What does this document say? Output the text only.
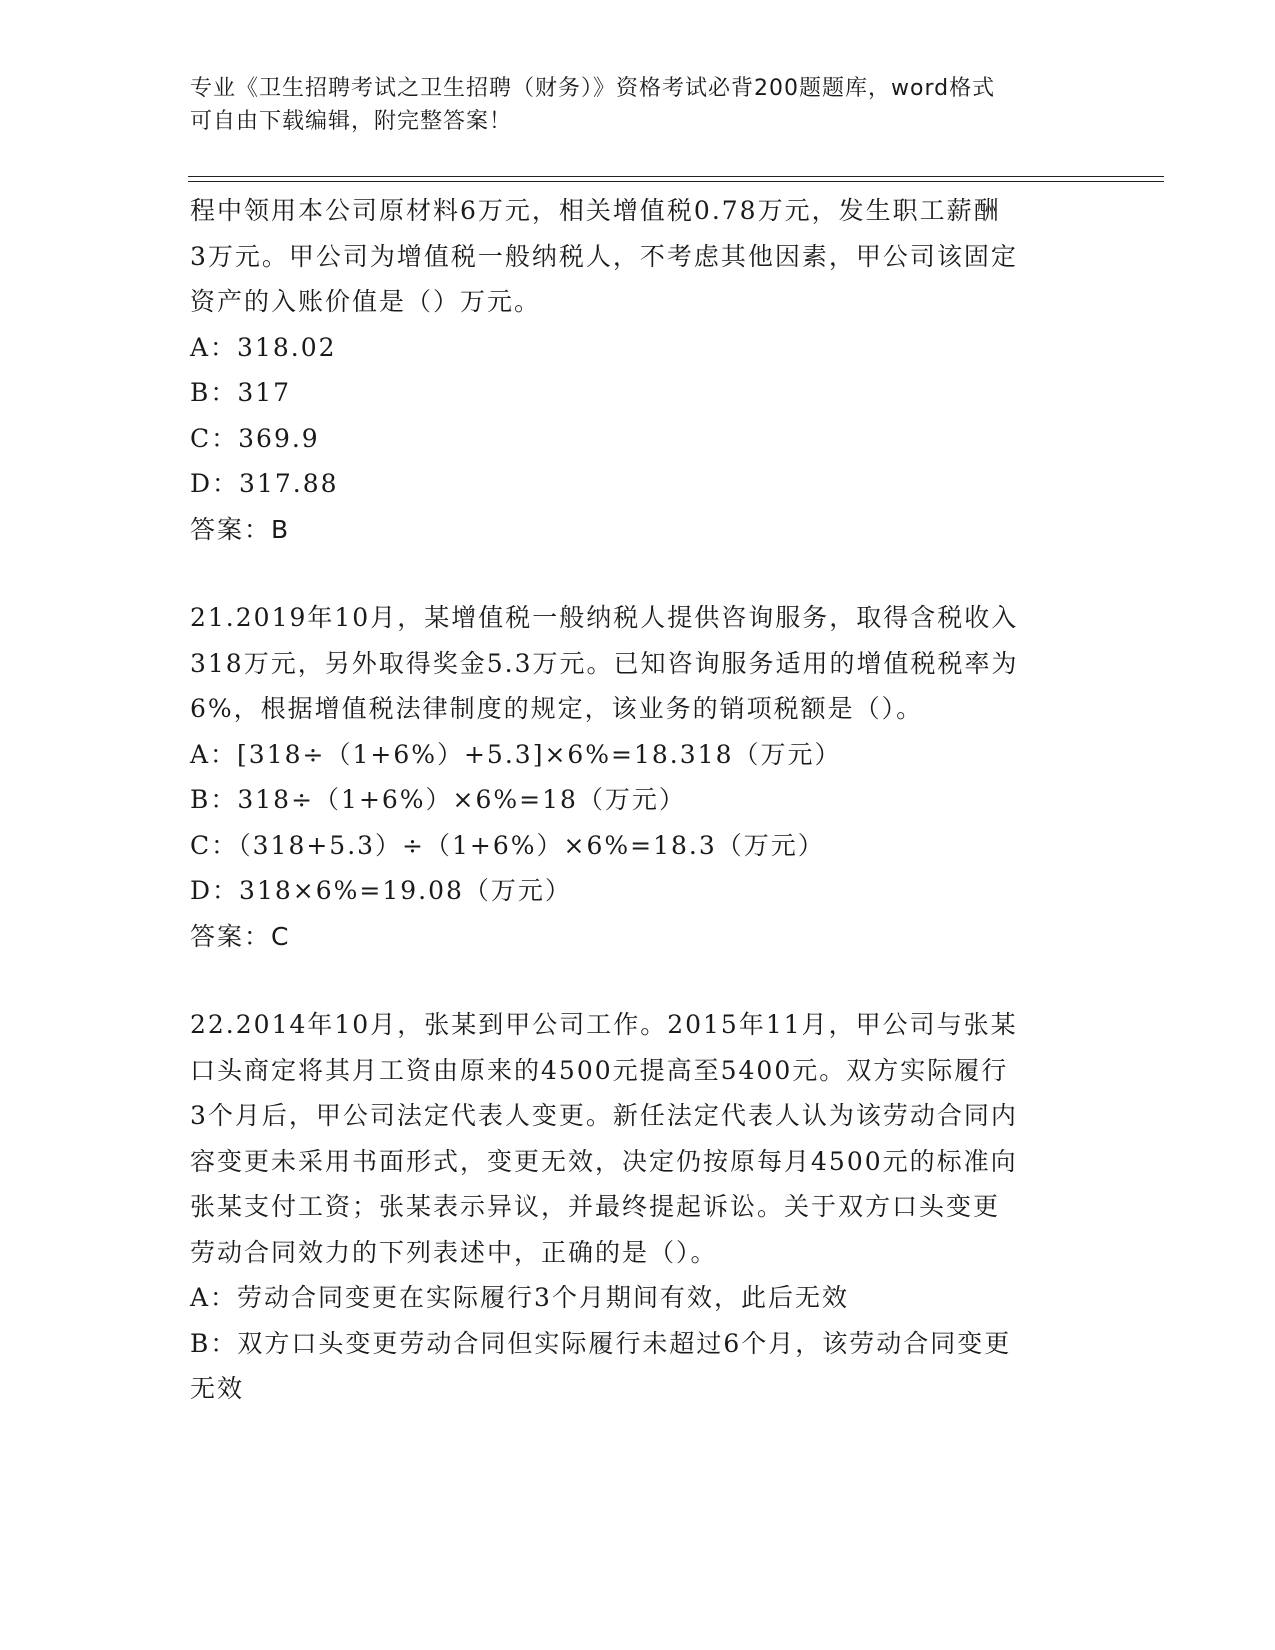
专业《卫生招聘考试之卫生招聘（财务）》资格考试必背200题题库，word格式
可自由下载编辑，附完整答案！
程中领用本公司原材料6万元，相关增值税0.78万元，发生职工薪酬
3万元。甲公司为增值税一般纳税人，不考虑其他因素，甲公司该固定
资产的入账价值是（）万元。
A：318.02
B：317
C：369.9
D：317.88
答案：B
21.2019年10月，某增值税一般纳税人提供咨询服务，取得含税收入
318万元，另外取得奖金5.3万元。已知咨询服务适用的增值税税率为
6%，根据增值税法律制度的规定，该业务的销项税额是（）。
A：[318÷（1+6%）+5.3]×6%=18.318（万元）
B：318÷（1+6%）×6%=18（万元）
C：（318+5.3）÷（1+6%）×6%=18.3（万元）
D：318×6%=19.08（万元）
答案：C
22.2014年10月，张某到甲公司工作。2015年11月，甲公司与张某
口头商定将其月工资由原来的4500元提高至5400元。双方实际履行
3个月后，甲公司法定代表人变更。新任法定代表人认为该劳动合同内
容变更未采用书面形式，变更无效，决定仍按原每月4500元的标准向
张某支付工资；张某表示异议，并最终提起诉讼。关于双方口头变更
劳动合同效力的下列表述中，正确的是（）。
A：劳动合同变更在实际履行3个月期间有效，此后无效
B：双方口头变更劳动合同但实际履行未超过6个月，该劳动合同变更
无效
